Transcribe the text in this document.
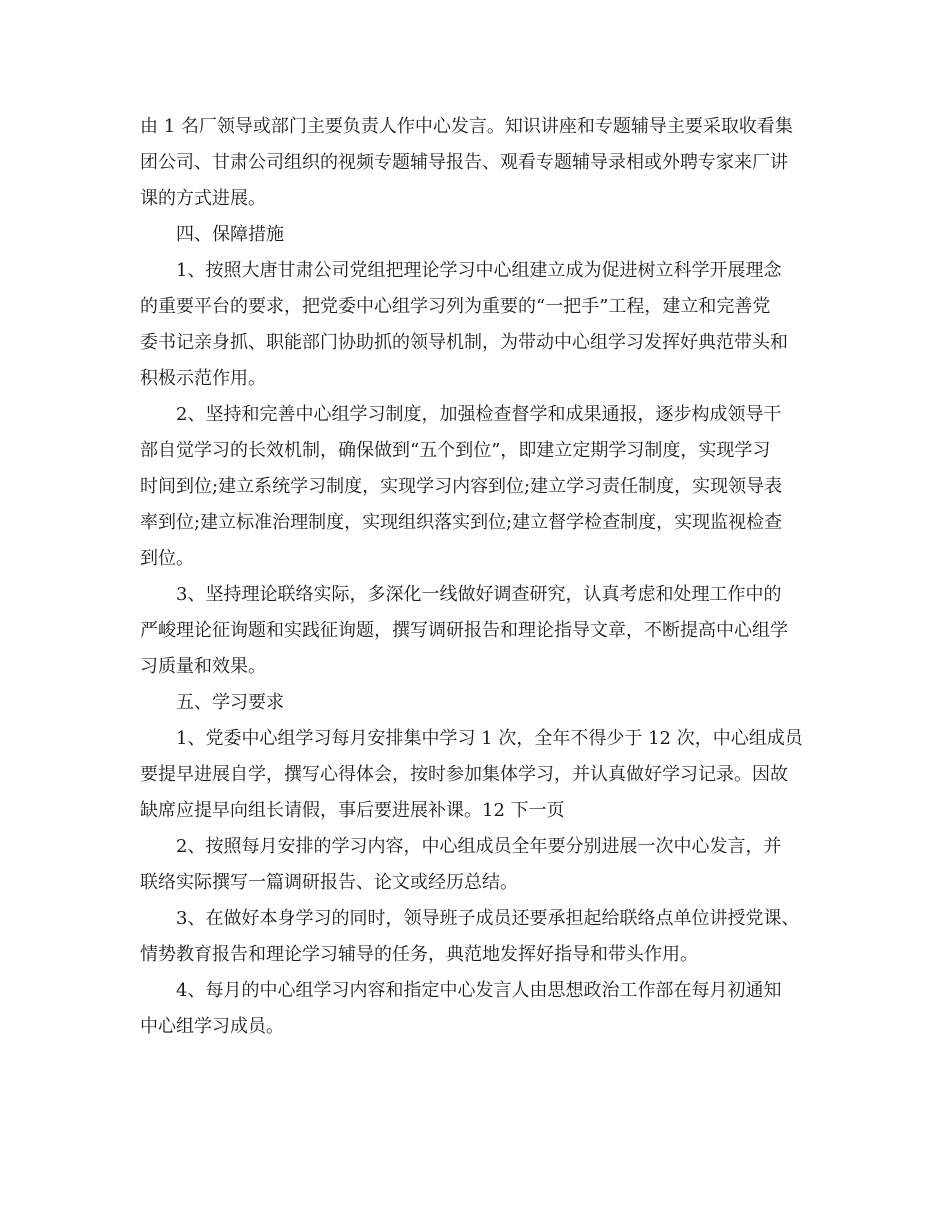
由 1 名厂领导或部门主要负责人作中心发言。知识讲座和专题辅导主要采取收看集

团公司、甘肃公司组织的视频专题辅导报告、观看专题辅导录相或外聘专家来厂讲

课的方式进展。

四、保障措施

1、按照大唐甘肃公司党组把理论学习中心组建立成为促进树立科学开展理念

的重要平台的要求，把党委中心组学习列为重要的“一把手”工程，建立和完善党

委书记亲身抓、职能部门协助抓的领导机制，为带动中心组学习发挥好典范带头和

积极示范作用。

2、坚持和完善中心组学习制度，加强检查督学和成果通报，逐步构成领导干

部自觉学习的长效机制，确保做到“五个到位”，即建立定期学习制度，实现学习

时间到位;建立系统学习制度，实现学习内容到位;建立学习责任制度，实现领导表

率到位;建立标准治理制度，实现组织落实到位;建立督学检查制度，实现监视检查

到位。

3、坚持理论联络实际，多深化一线做好调查研究，认真考虑和处理工作中的

严峻理论征询题和实践征询题，撰写调研报告和理论指导文章，不断提高中心组学

习质量和效果。

五、学习要求

1、党委中心组学习每月安排集中学习 1 次，全年不得少于 12 次，中心组成员

要提早进展自学，撰写心得体会，按时参加集体学习，并认真做好学习记录。因故

缺席应提早向组长请假，事后要进展补课。12 下一页

2、按照每月安排的学习内容，中心组成员全年要分别进展一次中心发言，并

联络实际撰写一篇调研报告、论文或经历总结。

3、在做好本身学习的同时，领导班子成员还要承担起给联络点单位讲授党课、

情势教育报告和理论学习辅导的任务，典范地发挥好指导和带头作用。

4、每月的中心组学习内容和指定中心发言人由思想政治工作部在每月初通知

中心组学习成员。
